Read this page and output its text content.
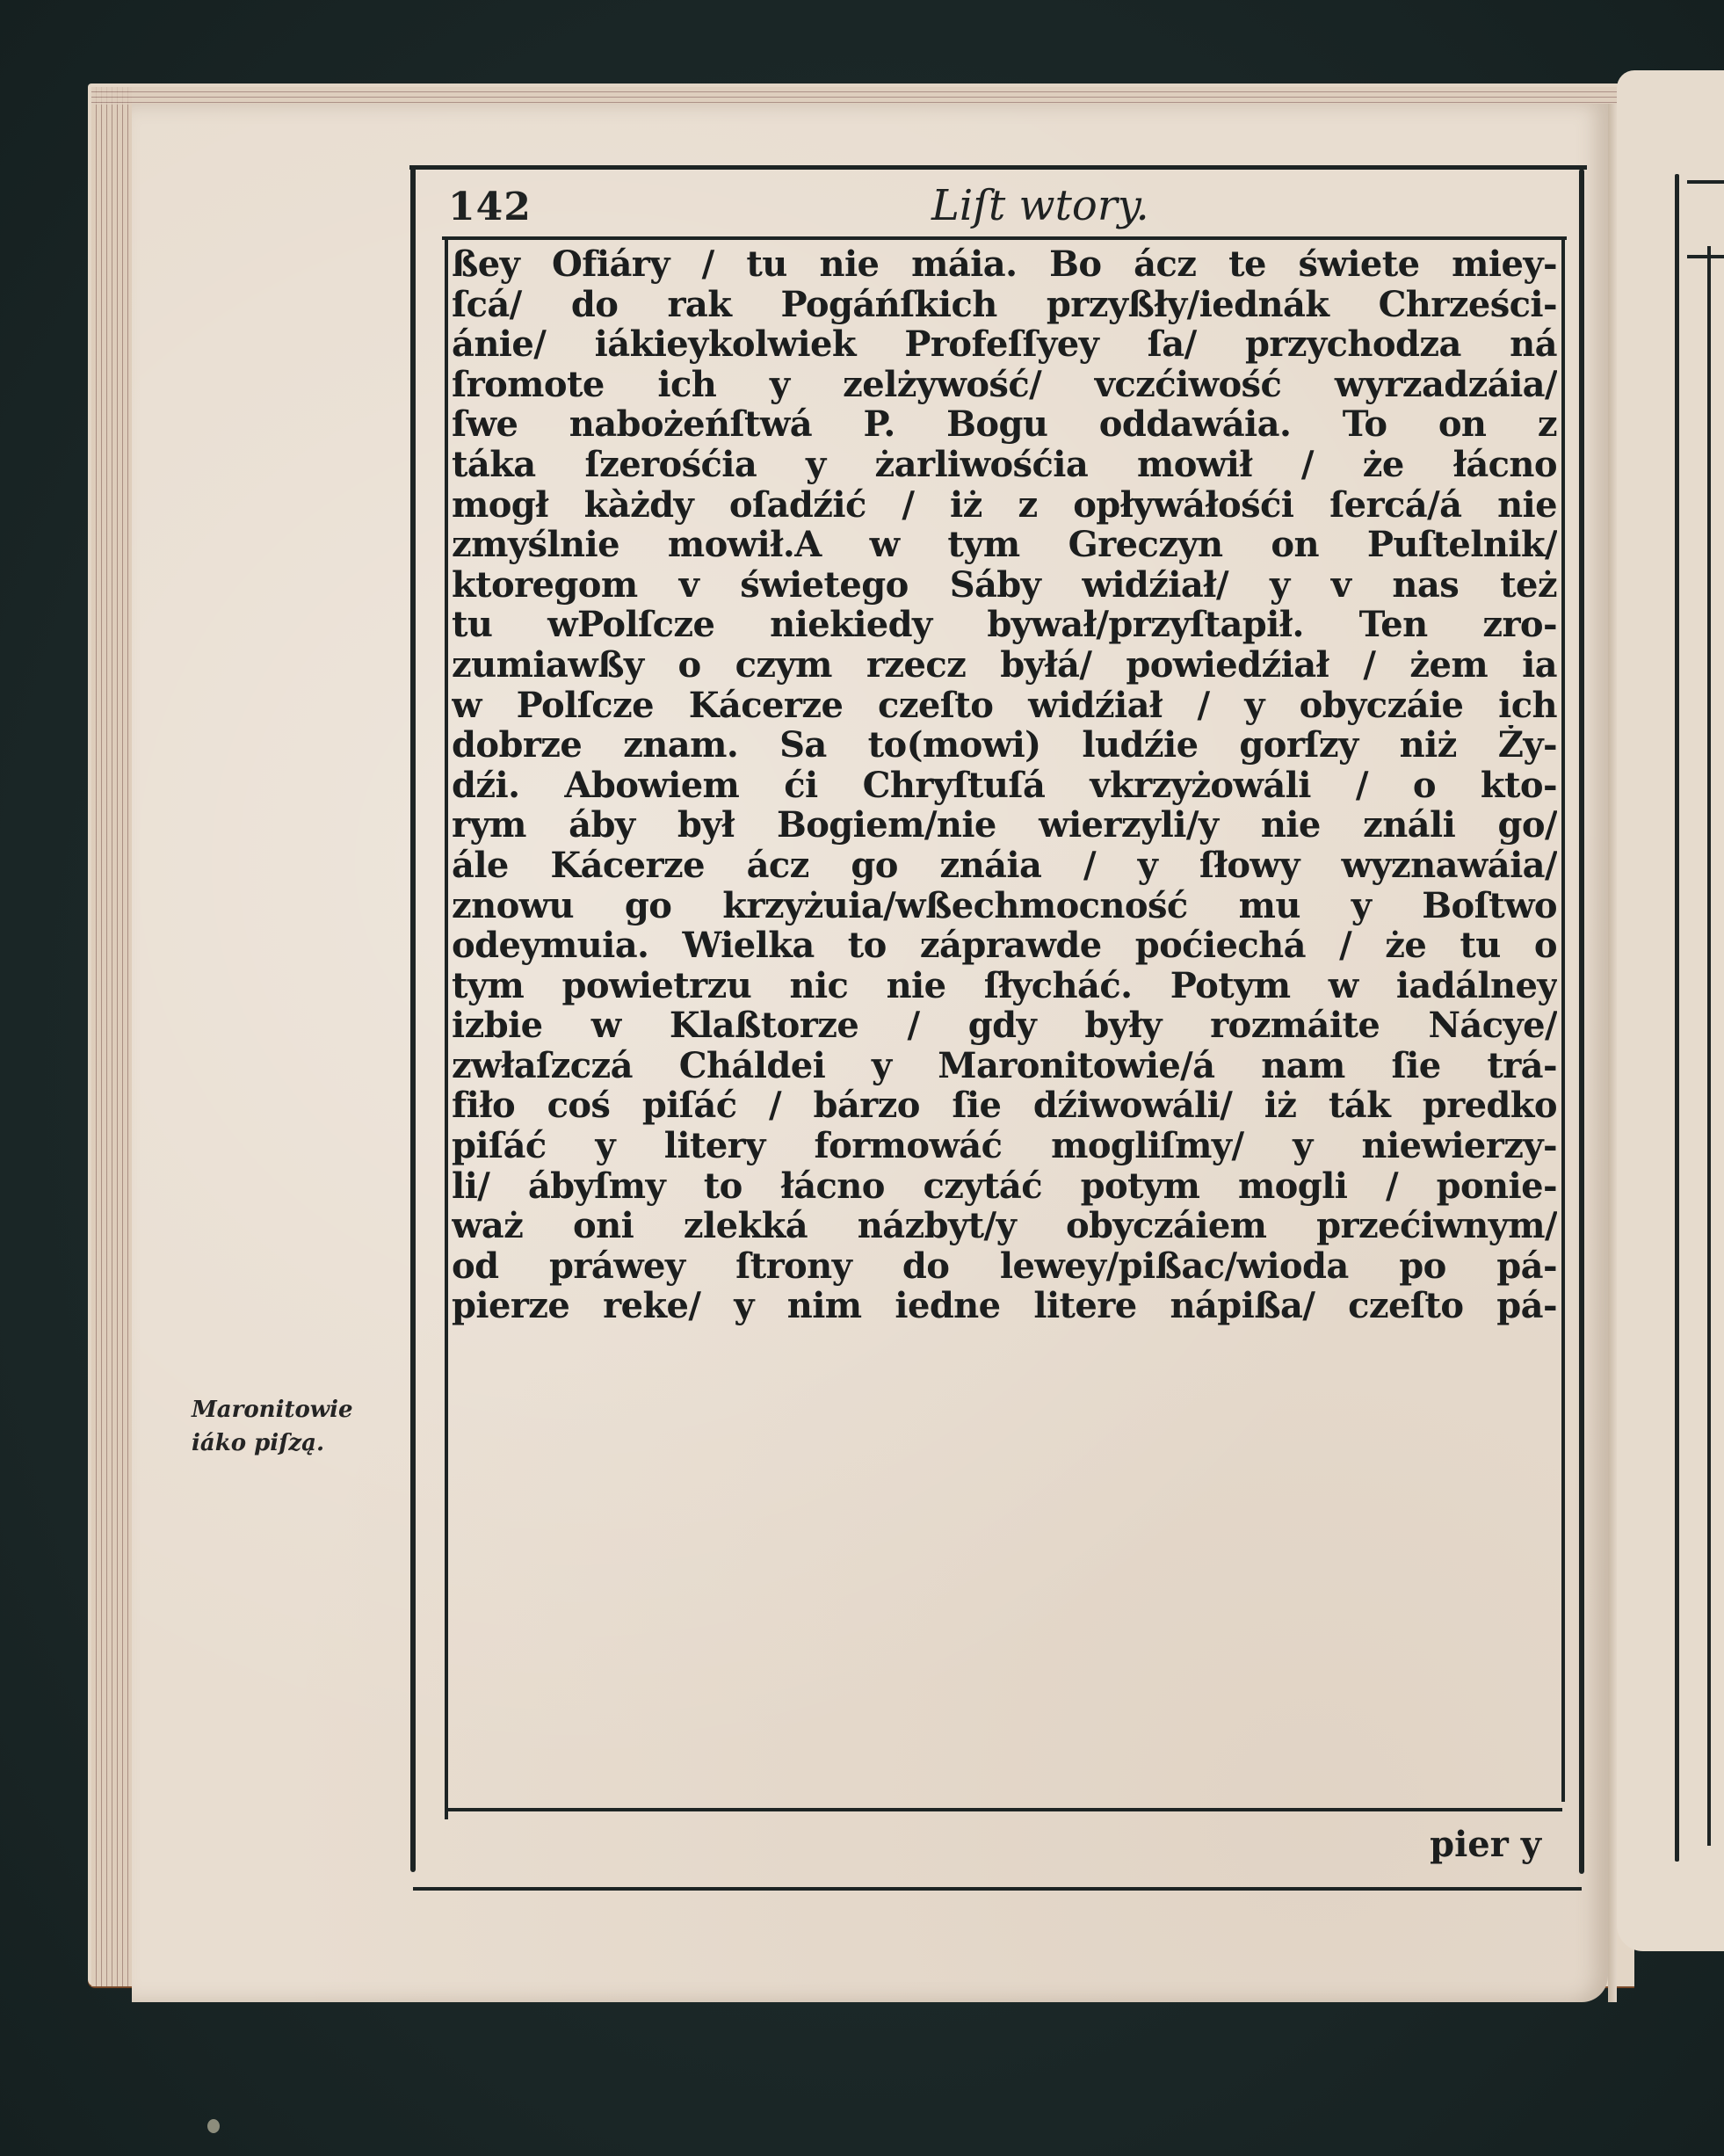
142	Liſt wtory.
ßey Ofiáry / tu nie máia. Bo ácz te świete miey-
ſcá/ do rak Pogáńſkich przyßły/iednák Chrześci-
ánie/ iákieykolwiek Profeſſyey ſa/ przychodza ná
ſromote ich y zelżywość/ vczćiwość wyrzadzáia/
ſwe nabożeńſtwá P. Bogu oddawáia. To on z
táka ſzerośćia y żarliwośćia mowił / że łácno
mogł kàżdy oſadźić / iż z opływáłośći ſercá/á nie
zmyślnie mowił.A w tym Greczyn on Puſtelnik/
ktoregom v świetego Sáby widźiał/ y v nas też
tu wPolſcze niekiedy bywał/przyſtapił. Ten zro-
zumiawßy o czym rzecz byłá/ powiedźiał / żem ia
w Polſcze Kácerze czeſto widźiał / y obyczáie ich
dobrze znam. Sa to(mowi) ludźie gorſzy niż Ży-
dźi. Abowiem ći Chryſtuſá vkrzyżowáli / o kto-
rym áby był Bogiem/nie wierzyli/y nie ználi go/
ále Kácerze ácz go znáia / y ſłowy wyznawáia/
znowu go krzyżuia/wßechmocność mu y Boſtwo
odeymuia. Wielka to záprawde poćiechá / że tu o
tym powietrzu nic nie ſłycháć. Potym w iadálney
izbie w Klaßtorze / gdy były rozmáite Nácye/
zwłaſzczá Cháldei y Maronitowie/á nam ſie trá-
fiło coś piſáć / bárzo ſie dźiwowáli/ iż ták predko
piſáć y litery formowáć mogliſmy/ y niewierzy-
li/ ábyſmy to łácno czytáć potym mogli / ponie-
waż oni zlekká názbyt/y obyczáiem przećiwnym/
od práwey ſtrony do lewey/pißac/wioda po pá-
pierze reke/ y nim iedne litere nápißa/ czeſto pá-
pier y
Maronitowie
iáko piſzą.
